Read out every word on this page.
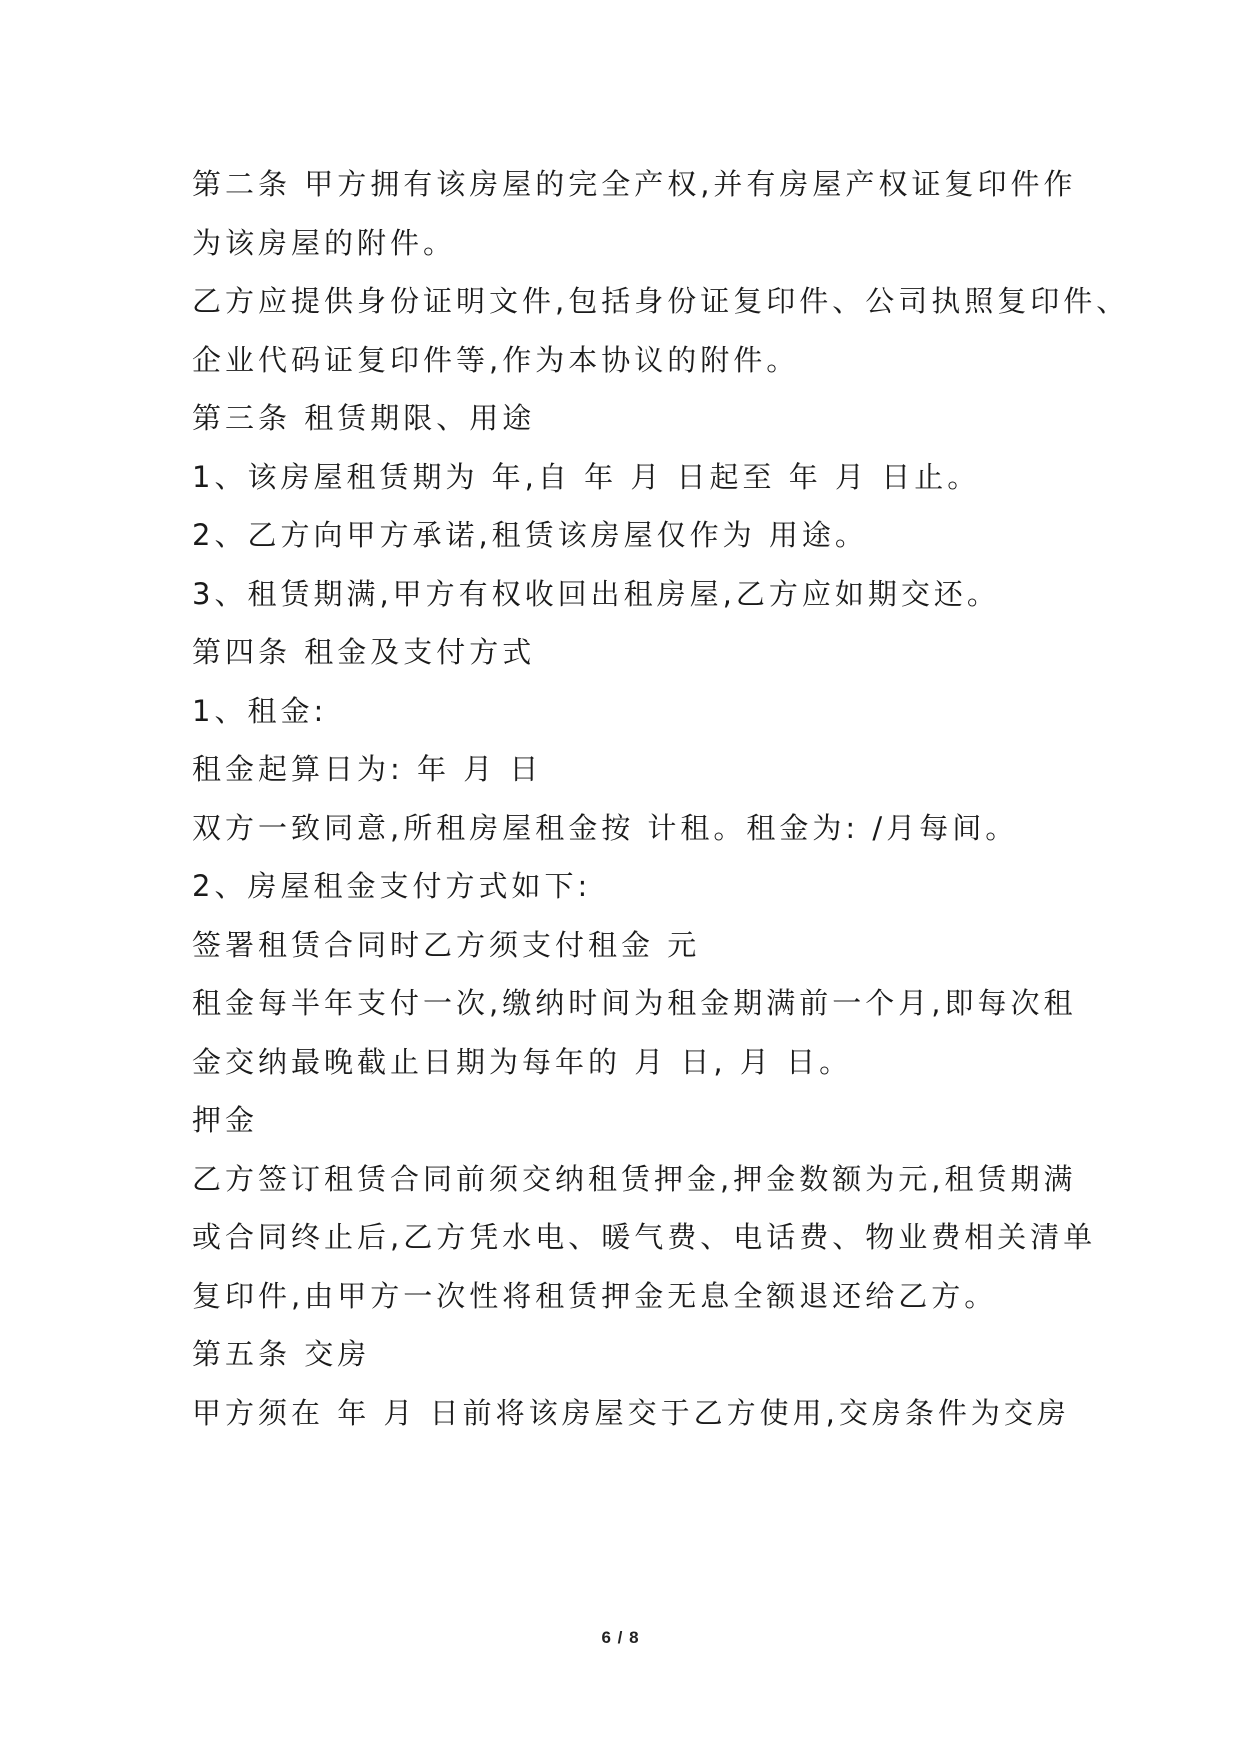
第二条 甲方拥有该房屋的完全产权,并有房屋产权证复印件作
为该房屋的附件。
乙方应提供身份证明文件,包括身份证复印件、公司执照复印件、
企业代码证复印件等,作为本协议的附件。
第三条 租赁期限、用途
1、该房屋租赁期为 年,自 年 月 日起至 年 月 日止。
2、乙方向甲方承诺,租赁该房屋仅作为 用途。
3、租赁期满,甲方有权收回出租房屋,乙方应如期交还。
第四条 租金及支付方式
1、租金:
租金起算日为: 年 月 日
双方一致同意,所租房屋租金按 计租。租金为: /月每间。
2、房屋租金支付方式如下:
签署租赁合同时乙方须支付租金 元
租金每半年支付一次,缴纳时间为租金期满前一个月,即每次租
金交纳最晚截止日期为每年的 月 日, 月 日。
押金
乙方签订租赁合同前须交纳租赁押金,押金数额为元,租赁期满
或合同终止后,乙方凭水电、暖气费、电话费、物业费相关清单
复印件,由甲方一次性将租赁押金无息全额退还给乙方。
第五条 交房
甲方须在 年 月 日前将该房屋交于乙方使用,交房条件为交房
6 / 8
